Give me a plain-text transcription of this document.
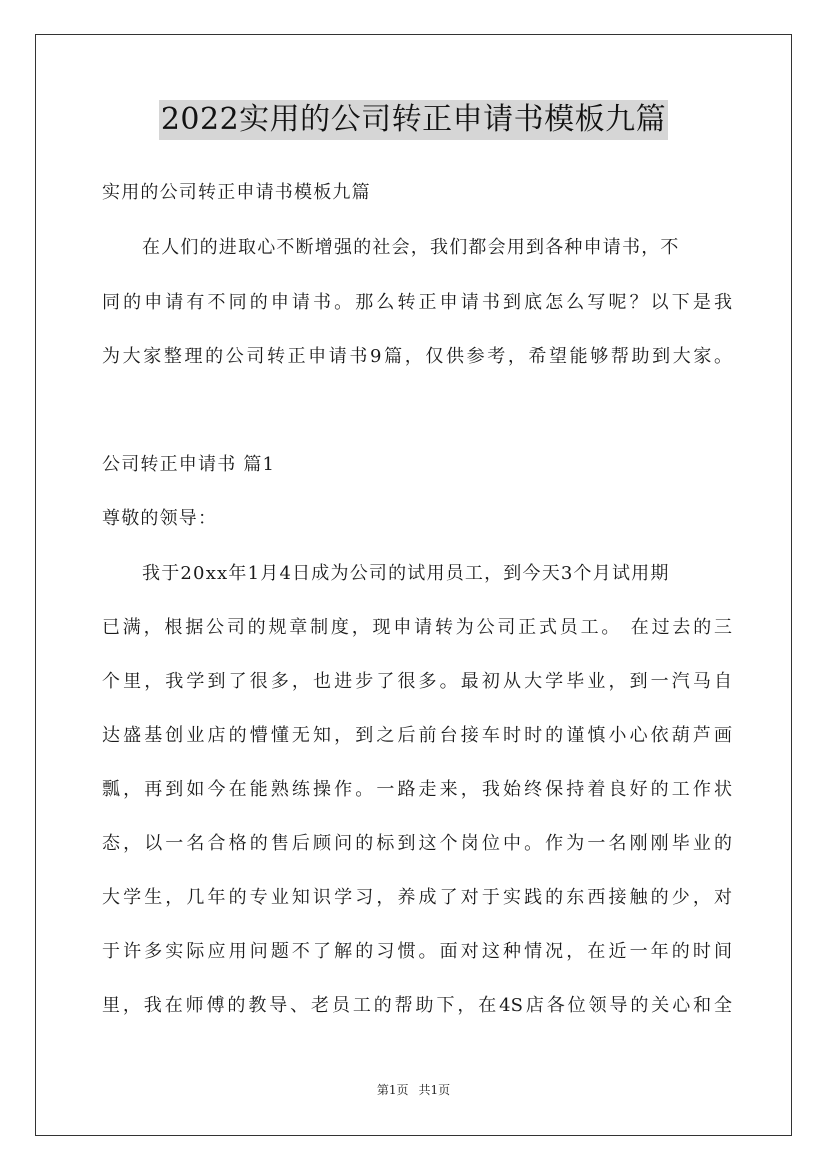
2022实用的公司转正申请书模板九篇
实用的公司转正申请书模板九篇
在人们的进取心不断增强的社会，我们都会用到各种申请书，不
同的申请有不同的申请书。那么转正申请书到底怎么写呢？以下是我
为大家整理的公司转正申请书9篇，仅供参考，希望能够帮助到大家。
公司转正申请书 篇1
尊敬的领导：
我于20xx年1月4日成为公司的试用员工，到今天3个月试用期
已满，根据公司的规章制度，现申请转为公司正式员工。 在过去的三
个里，我学到了很多，也进步了很多。最初从大学毕业，到一汽马自
达盛基创业店的懵懂无知，到之后前台接车时时的谨慎小心依葫芦画
瓢，再到如今在能熟练操作。一路走来，我始终保持着良好的工作状
态，以一名合格的售后顾问的标到这个岗位中。作为一名刚刚毕业的
大学生，几年的专业知识学习，养成了对于实践的东西接触的少，对
于许多实际应用问题不了解的习惯。面对这种情况，在近一年的时间
里，我在师傅的教导、老员工的帮助下，在4S店各位领导的关心和全
第1页 共1页
